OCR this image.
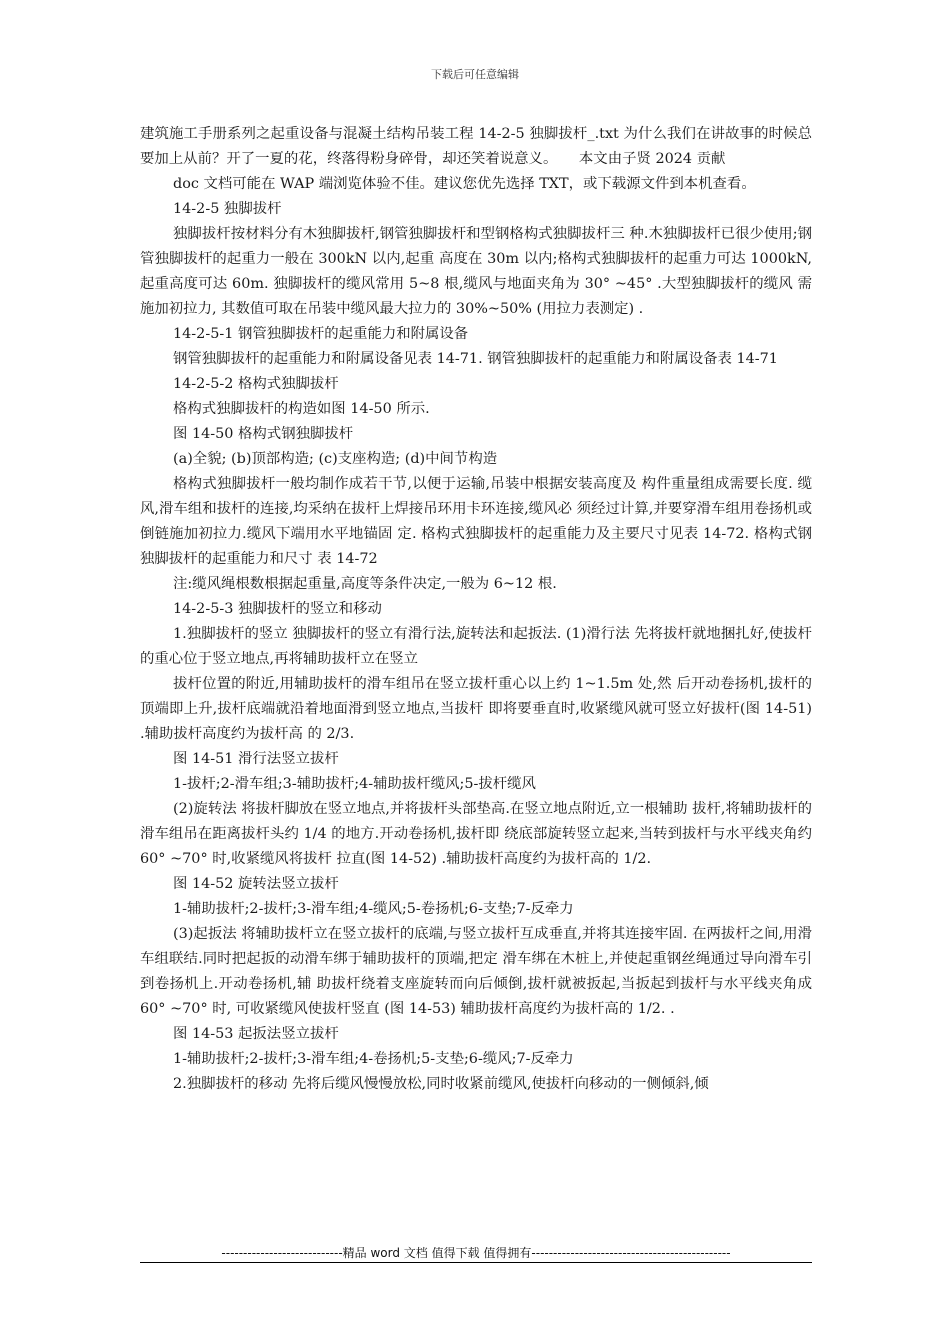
下载后可任意编辑

建筑施工手册系列之起重设备与混凝土结构吊装工程 14-2-5 独脚拔杆_.txt 为什么我们在讲故事的时候总要加上从前？开了一夏的花，终落得粉身碎骨，却还笑着说意义。　　本文由子贤 2024 贡献

doc 文档可能在 WAP 端浏览体验不佳。建议您优先选择 TXT，或下载源文件到本机查看。

14-2-5 独脚拔杆

独脚拔杆按材料分有木独脚拔杆,钢管独脚拔杆和型钢格构式独脚拔杆三 种.木独脚拔杆已很少使用;钢管独脚拔杆的起重力一般在 300kN 以内,起重 高度在 30m 以内;格构式独脚拔杆的起重力可达 1000kN,起重高度可达 60m. 独脚拔杆的缆风常用 5~8 根,缆风与地面夹角为 30° ~45° .大型独脚拔杆的缆风 需施加初拉力, 其数值可取在吊装中缆风最大拉力的 30%~50% (用拉力表测定) .

14-2-5-1 钢管独脚拔杆的起重能力和附属设备

钢管独脚拔杆的起重能力和附属设备见表 14-71. 钢管独脚拔杆的起重能力和附属设备表 14-71

14-2-5-2 格构式独脚拔杆

格构式独脚拔杆的构造如图 14-50 所示.

图 14-50 格构式钢独脚拔杆

(a)全貌; (b)顶部构造; (c)支座构造; (d)中间节构造

格构式独脚拔杆一般均制作成若干节,以便于运输,吊装中根据安装高度及 构件重量组成需要长度. 缆风,滑车组和拔杆的连接,均采纳在拔杆上焊接吊环用卡环连接,缆风必 须经过计算,并要穿滑车组用卷扬机或倒链施加初拉力.缆风下端用水平地锚固 定. 格构式独脚拔杆的起重能力及主要尺寸见表 14-72. 格构式钢独脚拔杆的起重能力和尺寸 表 14-72

注:缆风绳根数根据起重量,高度等条件决定,一般为 6~12 根.

14-2-5-3 独脚拔杆的竖立和移动

1.独脚拔杆的竖立 独脚拔杆的竖立有滑行法,旋转法和起扳法. (1)滑行法 先将拔杆就地捆扎好,使拔杆的重心位于竖立地点,再将辅助拔杆立在竖立

拔杆位置的附近,用辅助拔杆的滑车组吊在竖立拔杆重心以上约 1~1.5m 处,然 后开动卷扬机,拔杆的顶端即上升,拔杆底端就沿着地面滑到竖立地点,当拔杆 即将要垂直时,收紧缆风就可竖立好拔杆(图 14-51) .辅助拔杆高度约为拔杆高 的 2/3.

图 14-51 滑行法竖立拔杆

1-拔杆;2-滑车组;3-辅助拔杆;4-辅助拔杆缆风;5-拔杆缆风

(2)旋转法 将拔杆脚放在竖立地点,并将拔杆头部垫高.在竖立地点附近,立一根辅助 拔杆,将辅助拔杆的滑车组吊在距离拔杆头约 1/4 的地方.开动卷扬机,拔杆即 绕底部旋转竖立起来,当转到拔杆与水平线夹角约 60° ~70° 时,收紧缆风将拔杆 拉直(图 14-52) .辅助拔杆高度约为拔杆高的 1/2.

图 14-52 旋转法竖立拔杆

1-辅助拔杆;2-拔杆;3-滑车组;4-缆风;5-卷扬机;6-支垫;7-反牵力

(3)起扳法 将辅助拔杆立在竖立拔杆的底端,与竖立拔杆互成垂直,并将其连接牢固. 在两拔杆之间,用滑车组联结.同时把起扳的动滑车绑于辅助拔杆的顶端,把定 滑车绑在木桩上,并使起重钢丝绳通过导向滑车引到卷扬机上.开动卷扬机,辅 助拔杆绕着支座旋转而向后倾倒,拔杆就被扳起,当扳起到拔杆与水平线夹角成 60° ~70° 时, 可收紧缆风使拔杆竖直 (图 14-53) 辅助拔杆高度约为拔杆高的 1/2. .

图 14-53 起扳法竖立拔杆

1-辅助拔杆;2-拔杆;3-滑车组;4-卷扬机;5-支垫;6-缆风;7-反牵力

2.独脚拔杆的移动 先将后缆风慢慢放松,同时收紧前缆风,使拔杆向移动的一侧倾斜,倾

----------------------------精品 word 文档 值得下载 值得拥有----------------------------------------------
